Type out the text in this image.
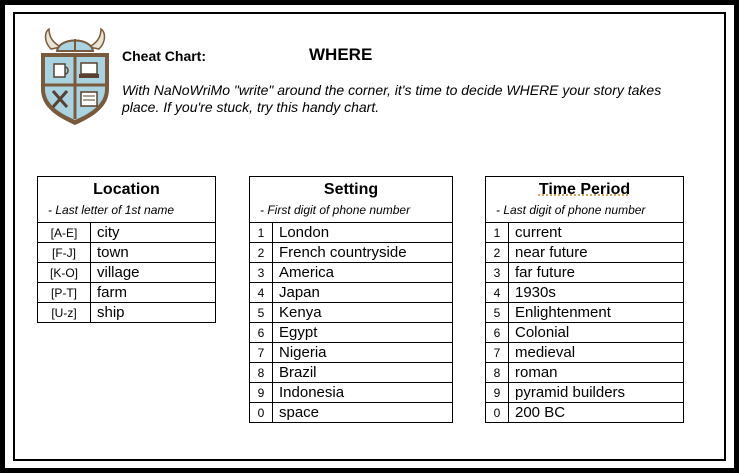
Cheat Chart:	WHERE
With NaNoWriMo "write" around the corner, it's time to decide WHERE your story takes place. If you're stuck, try this handy chart.
Location	
- Last letter of 1st name	
[A-E]	city
[F-J]	town
[K-O]	village
[P-T]	farm
[U-z]	ship
Setting	
- First digit of phone number	
1	London
2	French countryside
3	America
4	Japan
5	Kenya
6	Egypt
7	Nigeria
8	Brazil
9	Indonesia
0	space
Time Period	
- Last digit of phone number	
1	current
2	near future
3	far future
4	1930s
5	Enlightenment
6	Colonial
7	medieval
8	roman
9	pyramid builders
0	200 BC
